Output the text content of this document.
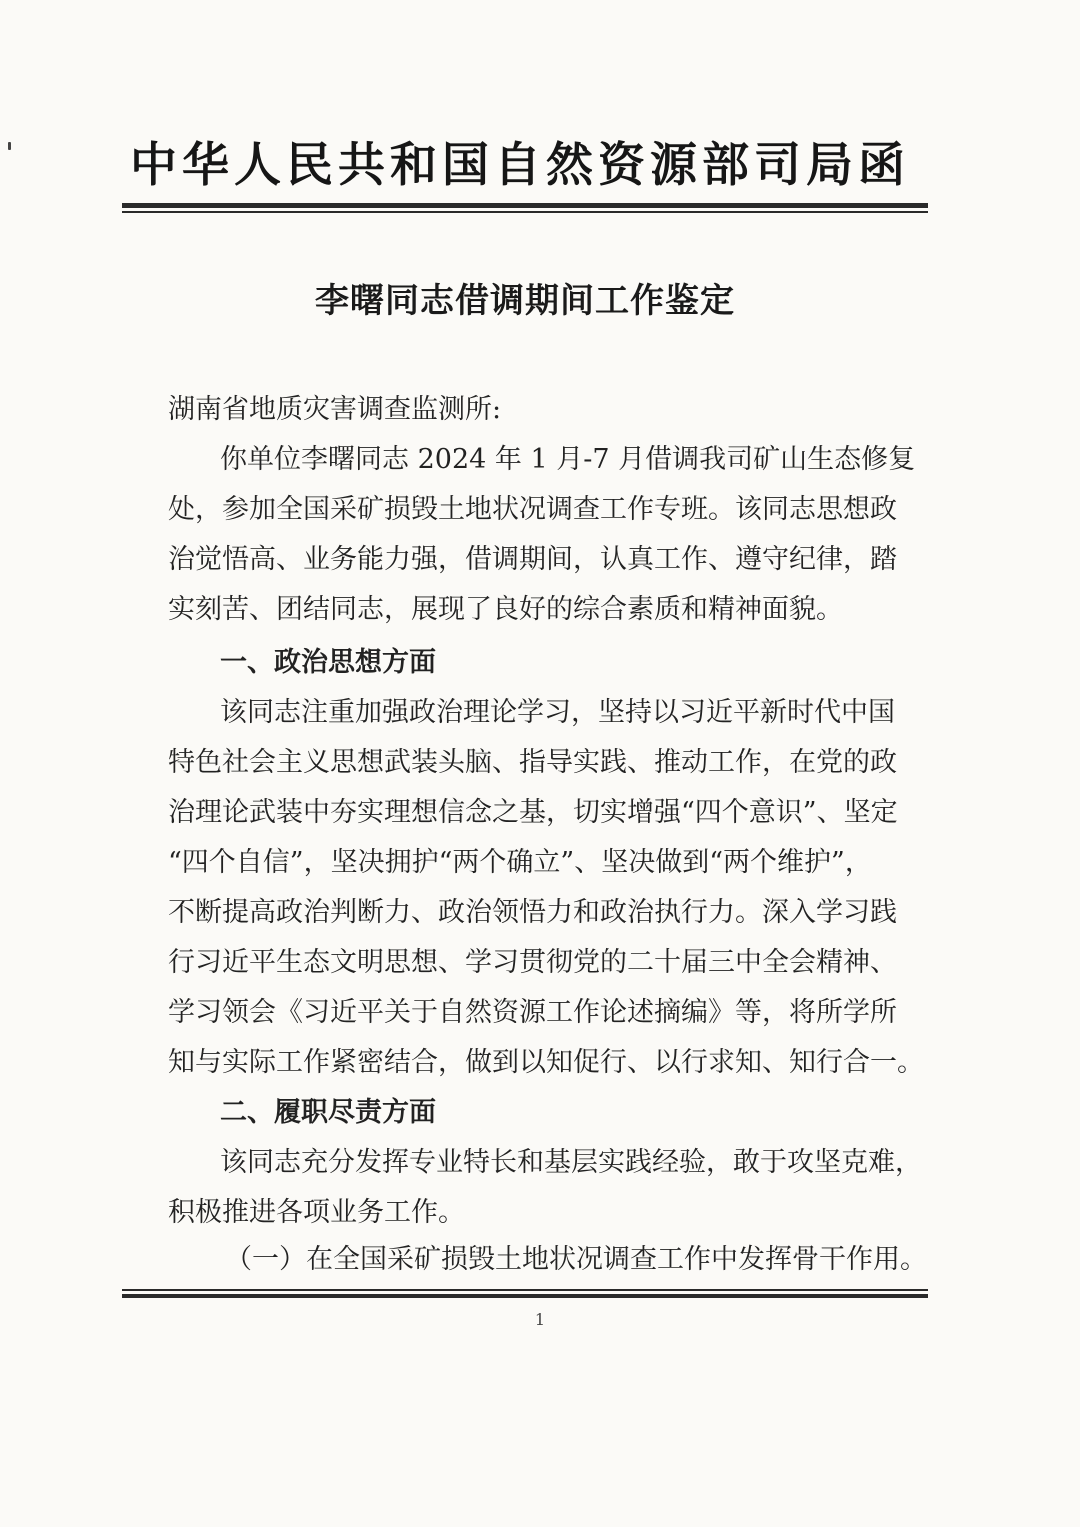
中华人民共和国自然资源部司局函
李曙同志借调期间工作鉴定
湖南省地质灾害调查监测所:
你单位李曙同志 2024 年 1 月-7 月借调我司矿山生态修复
处，参加全国采矿损毁土地状况调查工作专班。该同志思想政
治觉悟高、业务能力强，借调期间，认真工作、遵守纪律，踏
实刻苦、团结同志，展现了良好的综合素质和精神面貌。
一、政治思想方面
该同志注重加强政治理论学习，坚持以习近平新时代中国
特色社会主义思想武装头脑、指导实践、推动工作，在党的政
治理论武装中夯实理想信念之基，切实增强“四个意识”、坚定
“四个自信”，坚决拥护“两个确立”、坚决做到“两个维护”，
不断提高政治判断力、政治领悟力和政治执行力。深入学习践
行习近平生态文明思想、学习贯彻党的二十届三中全会精神、
学习领会《习近平关于自然资源工作论述摘编》等，将所学所
知与实际工作紧密结合，做到以知促行、以行求知、知行合一。
二、履职尽责方面
该同志充分发挥专业特长和基层实践经验，敢于攻坚克难，
积极推进各项业务工作。
（一）在全国采矿损毁土地状况调查工作中发挥骨干作用。
1
